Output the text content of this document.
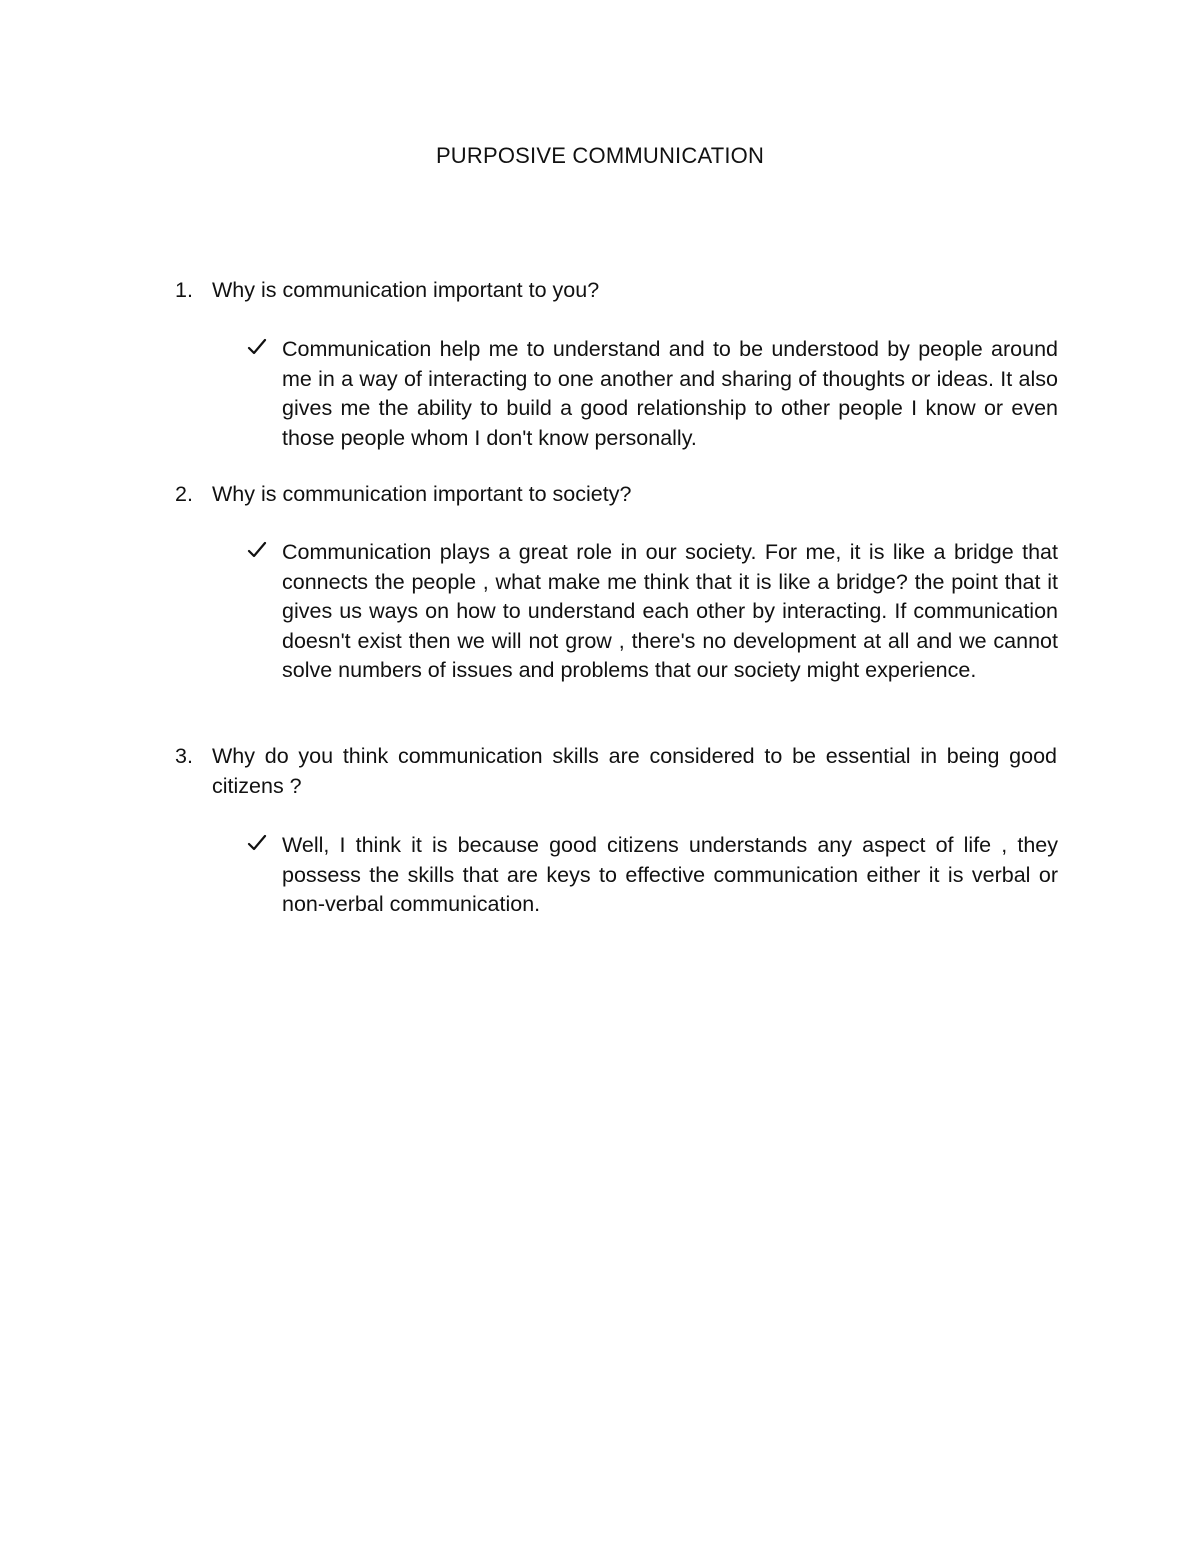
PURPOSIVE COMMUNICATION
1. Why is communication important to you?
Communication help me to understand and to be understood by people around me in a way of interacting to one another and sharing of thoughts or ideas. It also gives me the ability to build a good relationship to other people I know or even those people whom I don't know personally.
2. Why is communication important to society?
Communication plays a great role in our society. For me, it is like a bridge that connects the people , what make me think that it is like a bridge? the point that it gives us ways on how to understand each other by interacting. If communication doesn't exist then we will not grow , there's no development at all and we cannot solve numbers of issues and problems that our society might experience.
3. Why do you think communication skills are considered to be essential in being good citizens ?
Well, I think it is because good citizens understands any aspect of life , they possess the skills that are keys to effective communication either it is verbal or non-verbal communication.
